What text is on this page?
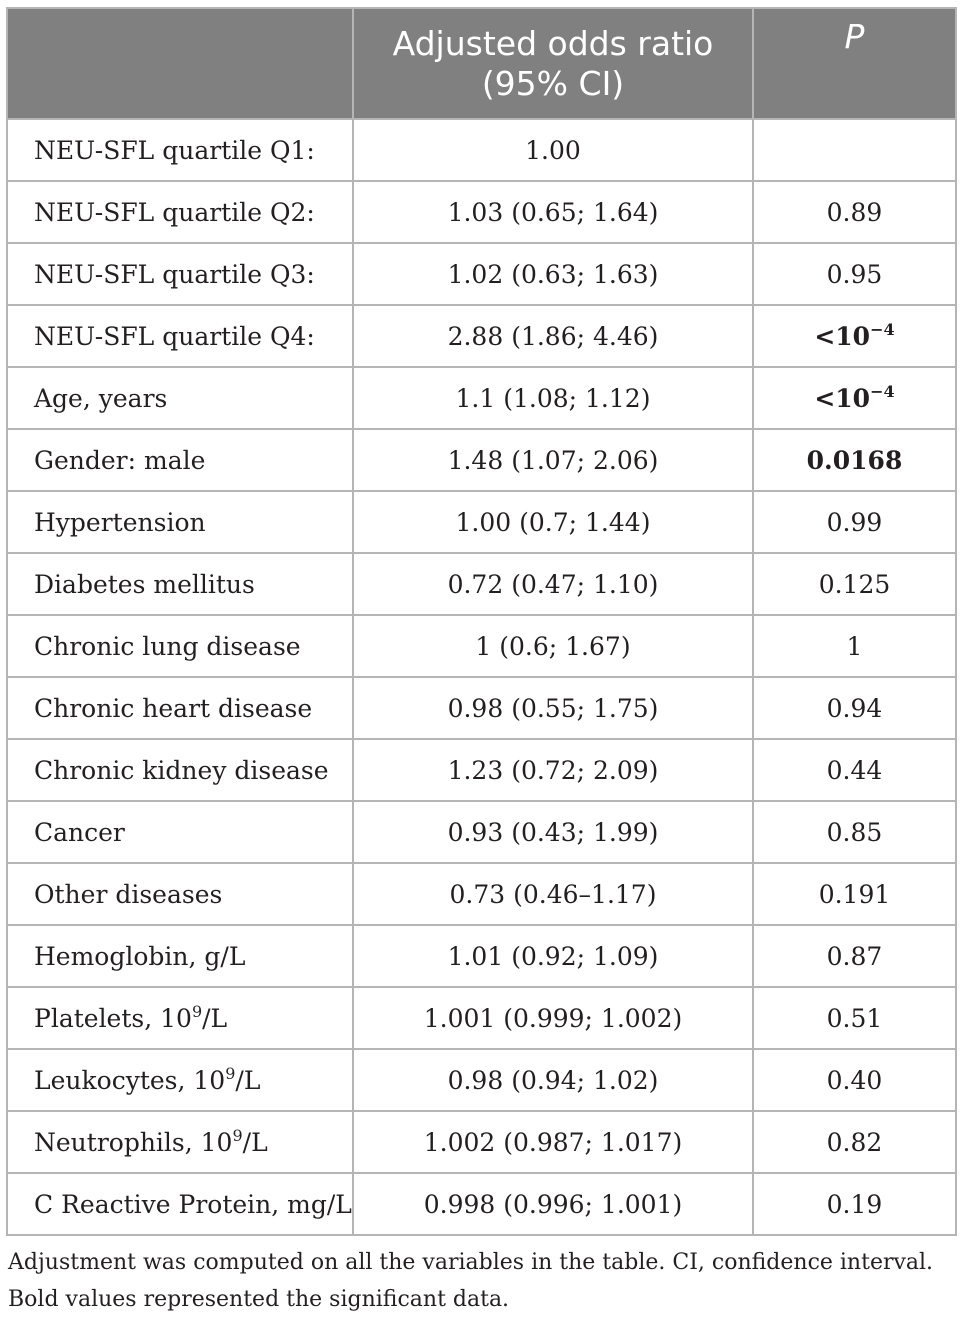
	Adjusted odds ratio (95% CI)	P
NEU-SFL quartile Q1:	1.00	
NEU-SFL quartile Q2:	1.03 (0.65; 1.64)	0.89
NEU-SFL quartile Q3:	1.02 (0.63; 1.63)	0.95
NEU-SFL quartile Q4:	2.88 (1.86; 4.46)	$<10^{-4}$
Age, years	1.1 (1.08; 1.12)	$<10^{-4}$
Gender: male	1.48 (1.07; 2.06)	0.0168
Hypertension	1.00 (0.7; 1.44)	0.99
Diabetes mellitus	0.72 (0.47; 1.10)	0.125
Chronic lung disease	1 (0.6; 1.67)	1
Chronic heart disease	0.98 (0.55; 1.75)	0.94
Chronic kidney disease	1.23 (0.72; 2.09)	0.44
Cancer	0.93 (0.43; 1.99)	0.85
Other diseases	0.73 (0.46–1.17)	0.191
Hemoglobin, g/L	1.01 (0.92; 1.09)	0.87
Platelets, $10^9/L$	1.001 (0.999; 1.002)	0.51
Leukocytes, $10^9/L$	0.98 (0.94; 1.02)	0.40
Neutrophils, $10^9/L$	1.002 (0.987; 1.017)	0.82
C Reactive Protein, mg/L	0.998 (0.996; 1.001)	0.19
Adjustment was computed on all the variables in the table. CI, confidence interval. Bold values represented the significant data.
